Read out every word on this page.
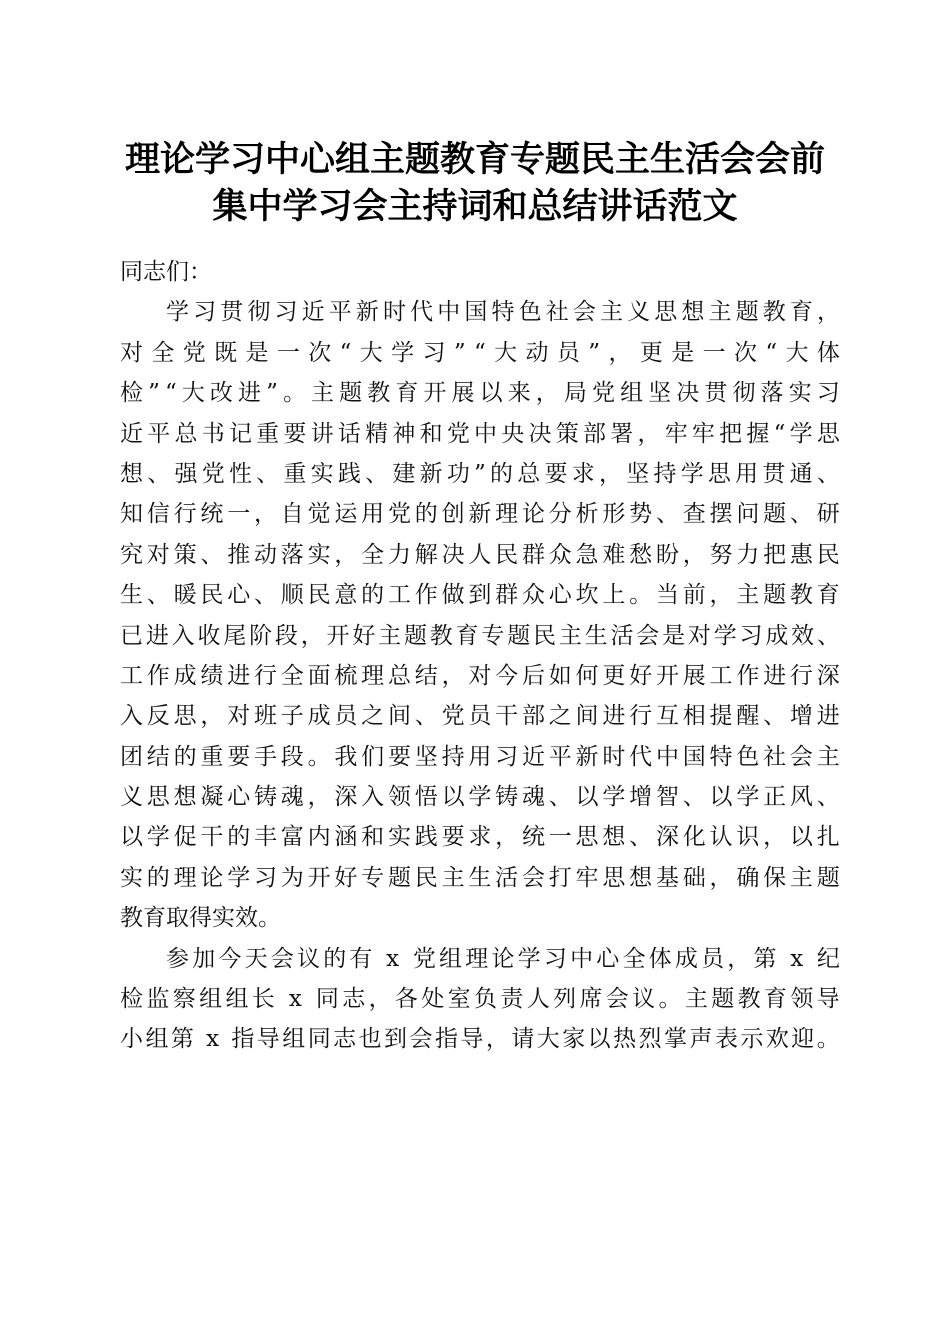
理论学习中心组主题教育专题民主生活会会前
集中学习会主持词和总结讲话范文
同志们：
学 习 贯 彻 习 近 平 新 时 代 中 国 特 色 社 会 主 义 思 想 主 题 教 育 ，
对 全 党 既 是 一 次 “ 大 学 习 ” “ 大 动 员 ” ， 更 是 一 次 “ 大 体
检 ” “ 大 改 进 ” 。 主 题 教 育 开 展 以 来 ， 局 党 组 坚 决 贯 彻 落 实 习
近 平 总 书 记 重 要 讲 话 精 神 和 党 中 央 决 策 部 署 ， 牢 牢 把 握 “ 学 思
想 、 强 党 性 、 重 实 践 、 建 新 功 ” 的 总 要 求 ， 坚 持 学 思 用 贯 通 、
知 信 行 统 一 ， 自 觉 运 用 党 的 创 新 理 论 分 析 形 势 、 查 摆 问 题 、 研
究 对 策 、 推 动 落 实 ， 全 力 解 决 人 民 群 众 急 难 愁 盼 ， 努 力 把 惠 民
生 、 暖 民 心 、 顺 民 意 的 工 作 做 到 群 众 心 坎 上 。 当 前 ， 主 题 教 育
已 进 入 收 尾 阶 段 ， 开 好 主 题 教 育 专 题 民 主 生 活 会 是 对 学 习 成 效 、
工 作 成 绩 进 行 全 面 梳 理 总 结 ， 对 今 后 如 何 更 好 开 展 工 作 进 行 深
入 反 思 ， 对 班 子 成 员 之 间 、 党 员 干 部 之 间 进 行 互 相 提 醒 、 增 进
团 结 的 重 要 手 段 。 我 们 要 坚 持 用 习 近 平 新 时 代 中 国 特 色 社 会 主
义 思 想 凝 心 铸 魂 ， 深 入 领 悟 以 学 铸 魂 、 以 学 增 智 、 以 学 正 风 、
以 学 促 干 的 丰 富 内 涵 和 实 践 要 求 ， 统 一 思 想 、 深 化 认 识 ， 以 扎
实 的 理 论 学 习 为 开 好 专 题 民 主 生 活 会 打 牢 思 想 基 础 ， 确 保 主 题
教育取得实效。
参 加 今 天 会 议 的 有
x
党 组 理 论 学 习 中 心 全 体 成 员 ， 第
x
纪
检 监 察 组 组 长
x
同 志 ， 各 处 室 负 责 人 列 席 会 议 。 主 题 教 育 领 导
小 组 第
x
指 导 组 同 志 也 到 会 指 导 ， 请 大 家 以 热 烈 掌 声 表 示 欢 迎 。
